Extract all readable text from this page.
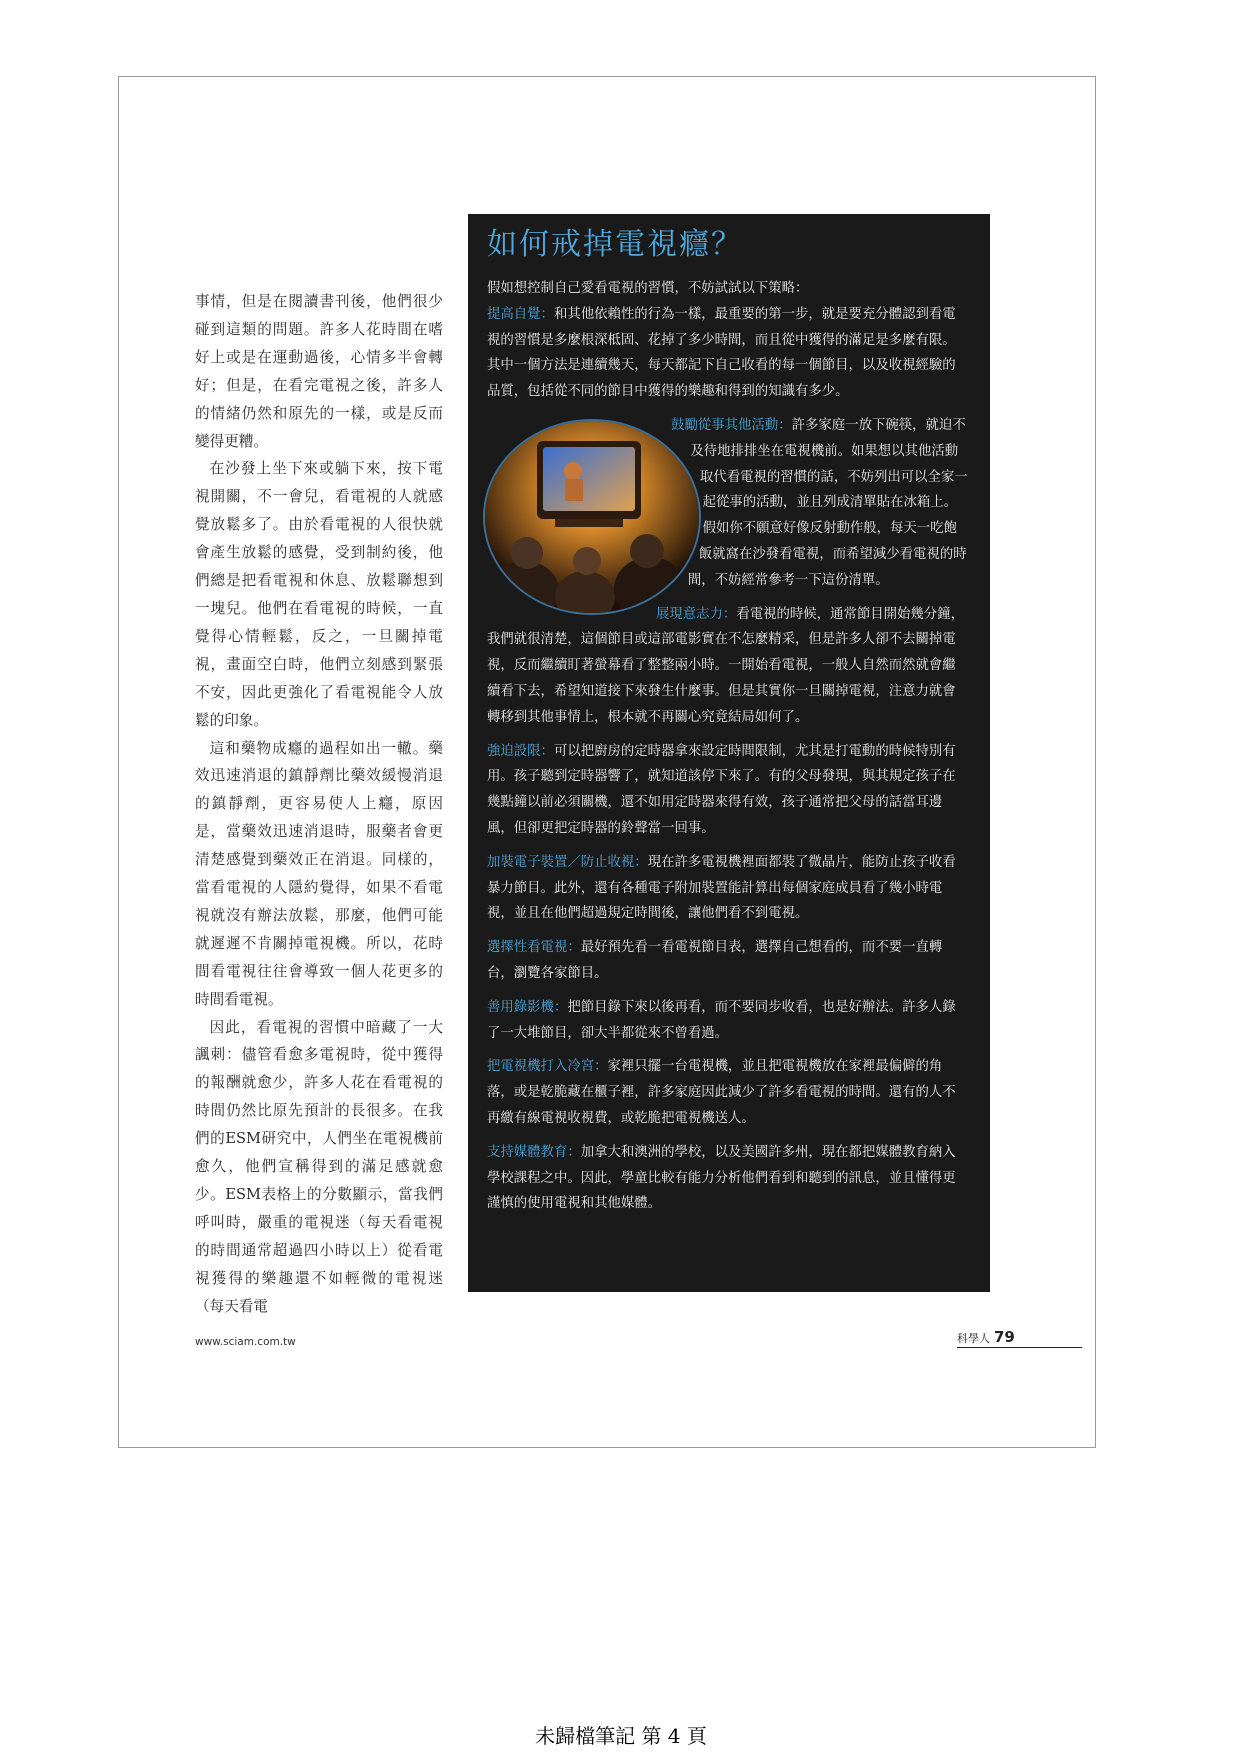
事情，但是在閱讀書刊後，他們很少碰到這類的問題。許多人花時間在嗜好上或是在運動過後，心情多半會轉好；但是，在看完電視之後，許多人的情緒仍然和原先的一樣，或是反而變得更糟。

在沙發上坐下來或躺下來，按下電視開關，不一會兒，看電視的人就感覺放鬆多了。由於看電視的人很快就會產生放鬆的感覺，受到制約後，他們總是把看電視和休息、放鬆聯想到一塊兒。他們在看電視的時候，一直覺得心情輕鬆，反之，一旦關掉電視，畫面空白時，他們立刻感到緊張不安，因此更強化了看電視能令人放鬆的印象。

這和藥物成癮的過程如出一轍。藥效迅速消退的鎮靜劑比藥效緩慢消退的鎮靜劑，更容易使人上癮，原因是，當藥效迅速消退時，服藥者會更清楚感覺到藥效正在消退。同樣的，當看電視的人隱約覺得，如果不看電視就沒有辦法放鬆，那麼，他們可能就遲遲不肯關掉電視機。所以，花時間看電視往往會導致一個人花更多的時間看電視。

因此，看電視的習慣中暗藏了一大諷刺：儘管看愈多電視時，從中獲得的報酬就愈少，許多人花在看電視的時間仍然比原先預計的長很多。在我們的ESM研究中，人們坐在電視機前愈久，他們宣稱得到的滿足感就愈少。ESM表格上的分數顯示，當我們呼叫時，嚴重的電視迷（每天看電視的時間通常超過四小時以上）從看電視獲得的樂趣還不如輕微的電視迷（每天看電

如何戒掉電視癮？

假如想控制自己愛看電視的習慣，不妨試試以下策略：

提高自覺：和其他依賴性的行為一樣，最重要的第一步，就是要充分體認到看電視的習慣是多麼根深柢固、花掉了多少時間，而且從中獲得的滿足是多麼有限。其中一個方法是連續幾天，每天都記下自己收看的每一個節目，以及收視經驗的品質，包括從不同的節目中獲得的樂趣和得到的知識有多少。

鼓勵從事其他活動：許多家庭一放下碗筷，就迫不及待地排排坐在電視機前。如果想以其他活動取代看電視的習慣的話，不妨列出可以全家一起從事的活動，並且列成清單貼在冰箱上。假如你不願意好像反射動作般，每天一吃飽飯就窩在沙發看電視，而希望減少看電視的時間，不妨經常參考一下這份清單。

展現意志力：看電視的時候，通常節目開始幾分鐘，我們就很清楚，這個節目或這部電影實在不怎麼精采，但是許多人卻不去關掉電視，反而繼續盯著螢幕看了整整兩小時。一開始看電視，一般人自然而然就會繼續看下去，希望知道接下來發生什麼事。但是其實你一旦關掉電視，注意力就會轉移到其他事情上，根本就不再關心究竟結局如何了。

強迫設限：可以把廚房的定時器拿來設定時間限制，尤其是打電動的時候特別有用。孩子聽到定時器響了，就知道該停下來了。有的父母發現，與其規定孩子在幾點鐘以前必須關機，還不如用定時器來得有效，孩子通常把父母的話當耳邊風，但卻更把定時器的鈴聲當一回事。

加裝電子裝置／防止收視：現在許多電視機裡面都裝了微晶片，能防止孩子收看暴力節目。此外，還有各種電子附加裝置能計算出每個家庭成員看了幾小時電視，並且在他們超過規定時間後，讓他們看不到電視。

選擇性看電視：最好預先看一看電視節目表，選擇自己想看的，而不要一直轉台，瀏覽各家節目。

善用錄影機：把節目錄下來以後再看，而不要同步收看，也是好辦法。許多人錄了一大堆節目，卻大半都從來不曾看過。

把電視機打入冷宮：家裡只擺一台電視機，並且把電視機放在家裡最偏僻的角落，或是乾脆藏在櫃子裡，許多家庭因此減少了許多看電視的時間。還有的人不再繳有線電視收視費，或乾脆把電視機送人。

支持媒體教育：加拿大和澳洲的學校，以及美國許多州，現在都把媒體教育納入學校課程之中。因此，學童比較有能力分析他們看到和聽到的訊息，並且懂得更謹慎的使用電視和其他媒體。

www.sciam.com.tw	科學人 79
未歸檔筆記 第 4 頁
